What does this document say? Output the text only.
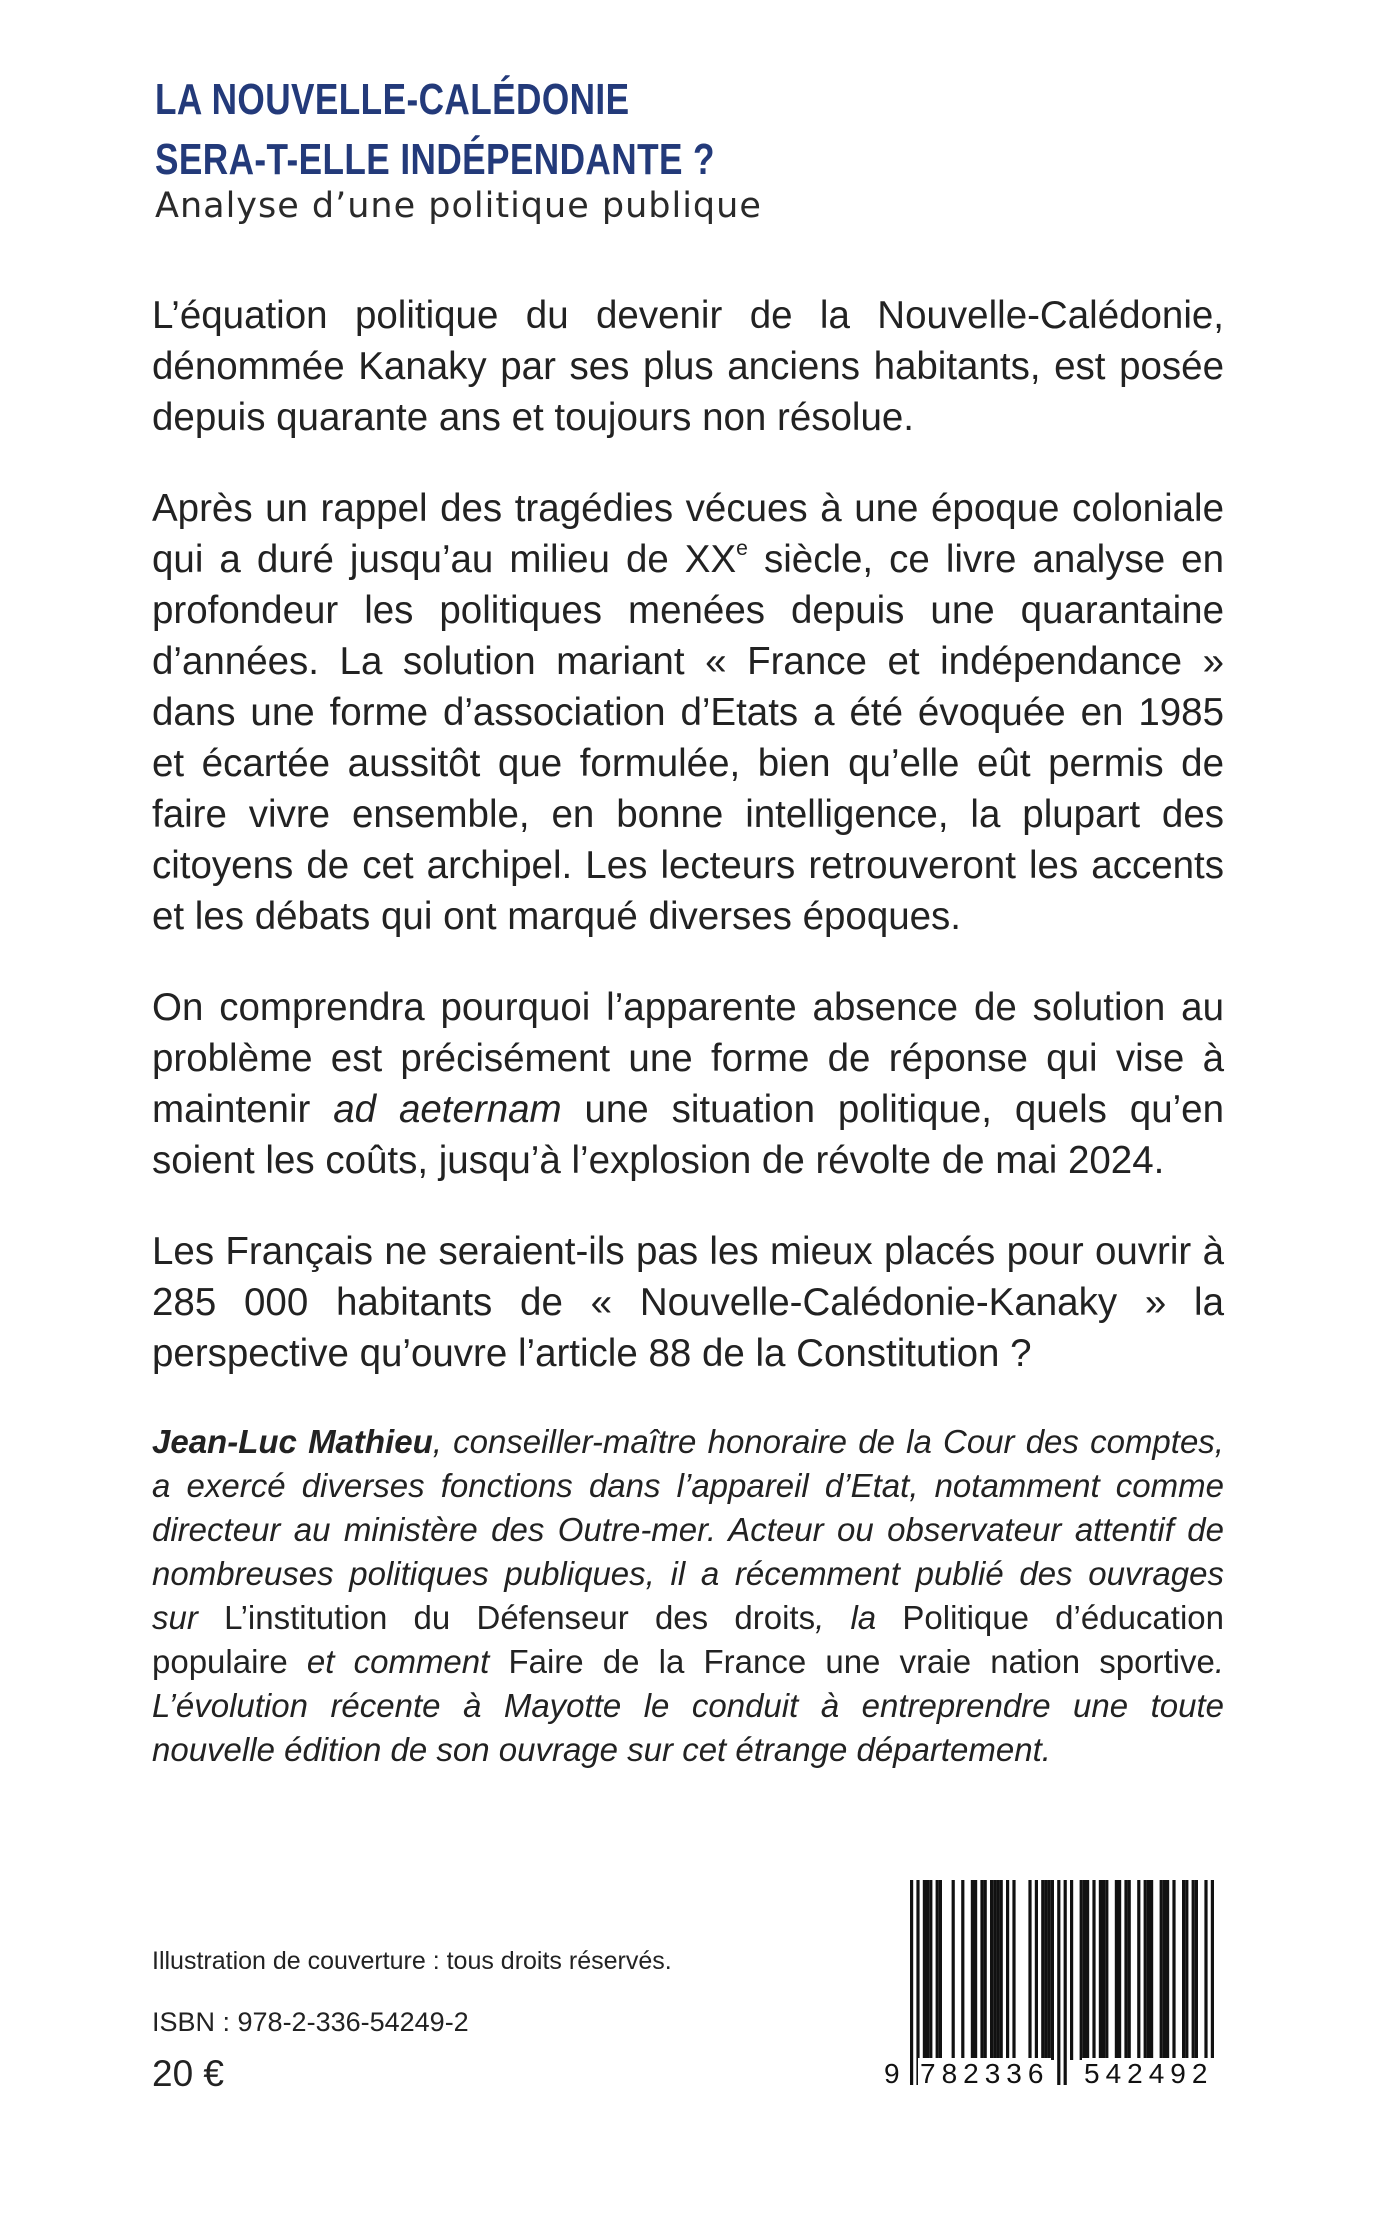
LA NOUVELLE-CALÉDONIE
SERA-T-ELLE INDÉPENDANTE ?
Analyse d’une politique publique

L’équation politique du devenir de la Nouvelle-Calédonie, dénommée Kanaky par ses plus anciens habitants, est posée depuis quarante ans et toujours non résolue.

Après un rappel des tragédies vécues à une époque coloniale qui a duré jusqu’au milieu de XXe siècle, ce livre analyse en profondeur les politiques menées depuis une quarantaine d’années. La solution mariant « France et indépendance » dans une forme d’association d’Etats a été évoquée en 1985 et écartée aussitôt que formulée, bien qu’elle eût permis de faire vivre ensemble, en bonne intelligence, la plupart des citoyens de cet archipel. Les lecteurs retrouveront les accents et les débats qui ont marqué diverses époques.

On comprendra pourquoi l’apparente absence de solution au problème est précisément une forme de réponse qui vise à maintenir ad aeternam une situation politique, quels qu’en soient les coûts, jusqu’à l’explosion de révolte de mai 2024.

Les Français ne seraient-ils pas les mieux placés pour ouvrir à 285 000 habitants de « Nouvelle-Calédonie-Kanaky » la perspective qu’ouvre l’article 88 de la Constitution ?

Jean-Luc Mathieu, conseiller-maître honoraire de la Cour des comptes, a exercé diverses fonctions dans l’appareil d’Etat, notamment comme directeur au ministère des Outre-mer. Acteur ou observateur attentif de nombreuses politiques publiques, il a récemment publié des ouvrages sur L’institution du Défenseur des droits, la Politique d’éducation populaire et comment Faire de la France une vraie nation sportive. L’évolution récente à Mayotte le conduit à entreprendre une toute nouvelle édition de son ouvrage sur cet étrange département.
Illustration de couverture : tous droits réservés.
ISBN : 978-2-336-54249-2
20 €	9 782336 542492
